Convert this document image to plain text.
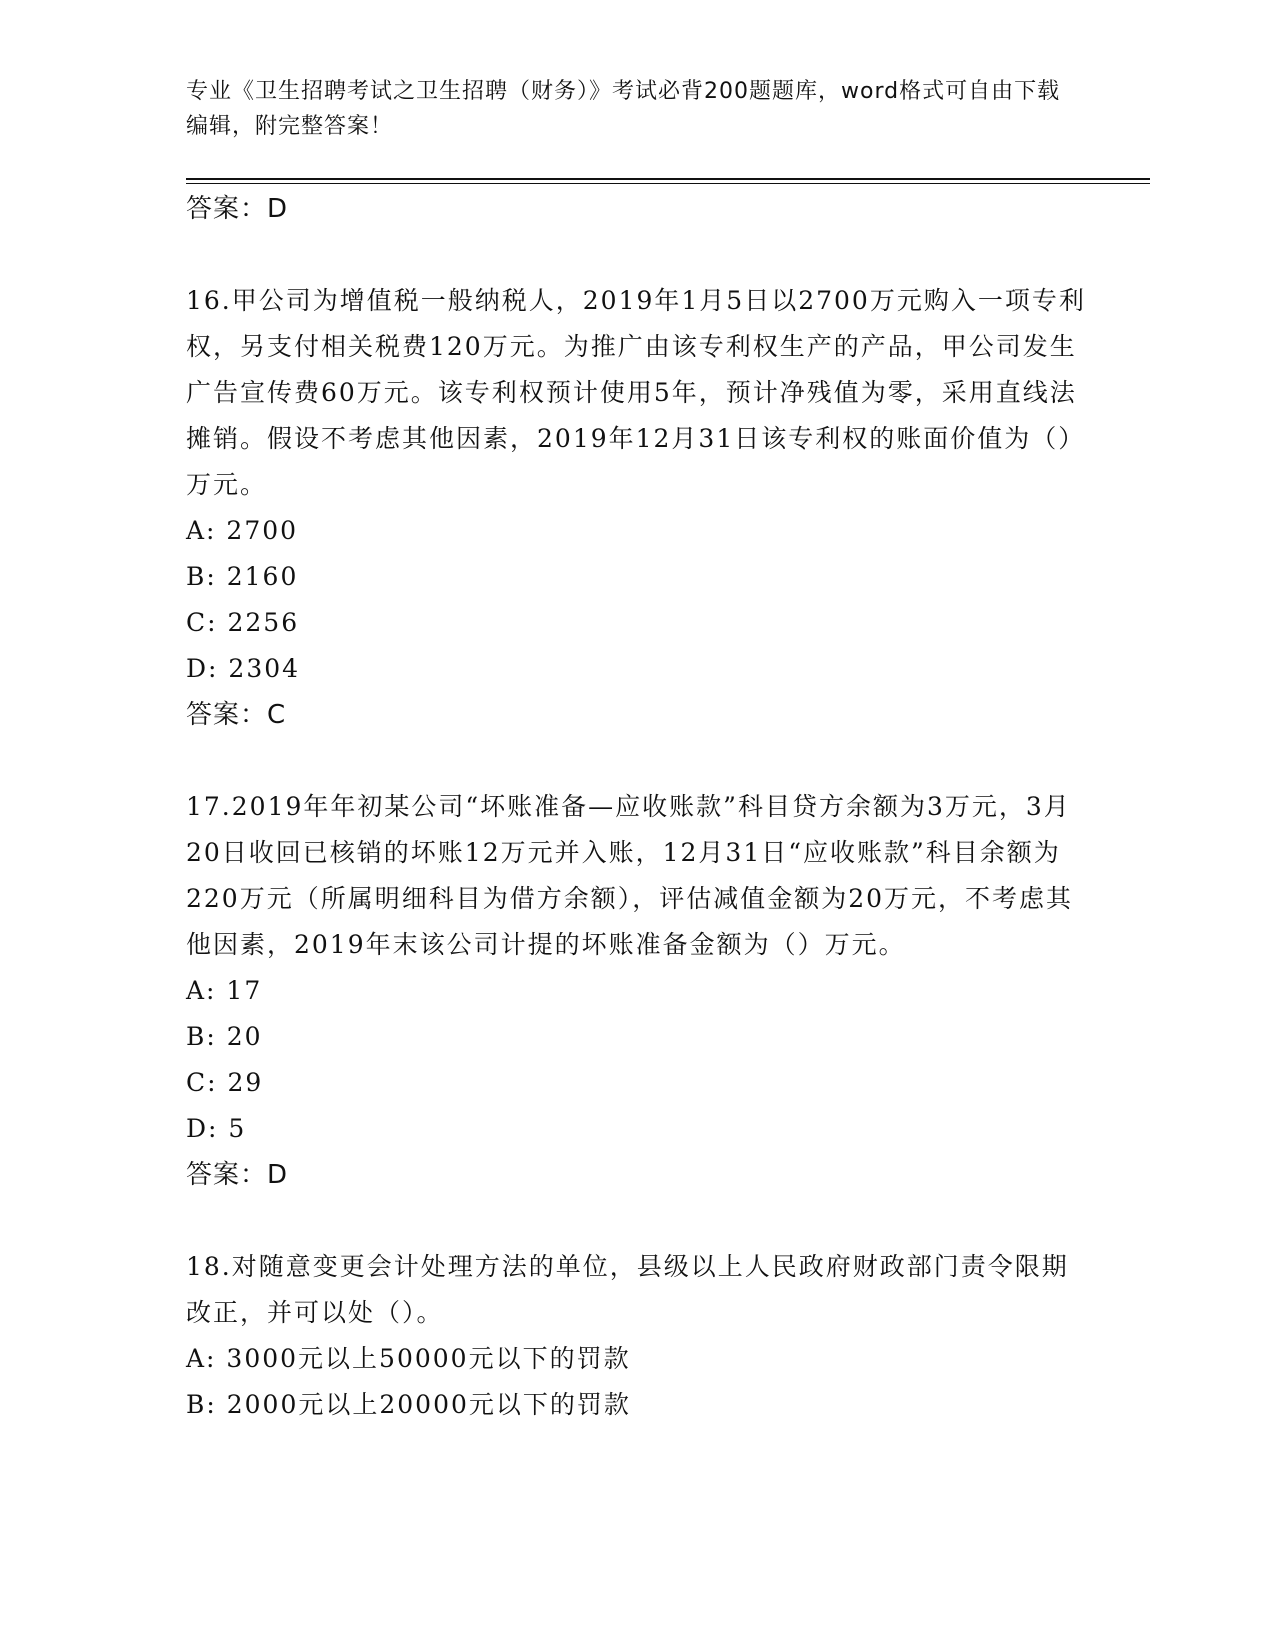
专业《卫生招聘考试之卫生招聘（财务）》考试必背200题题库，word格式可自由下载编辑，附完整答案！
答案：D

16.甲公司为增值税一般纳税人，2019年1月5日以2700万元购入一项专利权，另支付相关税费120万元。为推广由该专利权生产的产品，甲公司发生广告宣传费60万元。该专利权预计使用5年，预计净残值为零，采用直线法摊销。假设不考虑其他因素，2019年12月31日该专利权的账面价值为（）万元。

A: 2700
B: 2160
C: 2256
D: 2304
答案：C

17.2019年年初某公司“坏账准备—应收账款”科目贷方余额为3万元，3月20日收回已核销的坏账12万元并入账，12月31日“应收账款”科目余额为220万元（所属明细科目为借方余额），评估减值金额为20万元，不考虑其他因素，2019年末该公司计提的坏账准备金额为（）万元。

A: 17
B: 20
C: 29
D: 5
答案：D

18.对随意变更会计处理方法的单位，县级以上人民政府财政部门责令限期改正，并可以处（）。

A: 3000元以上50000元以下的罚款
B: 2000元以上20000元以下的罚款
